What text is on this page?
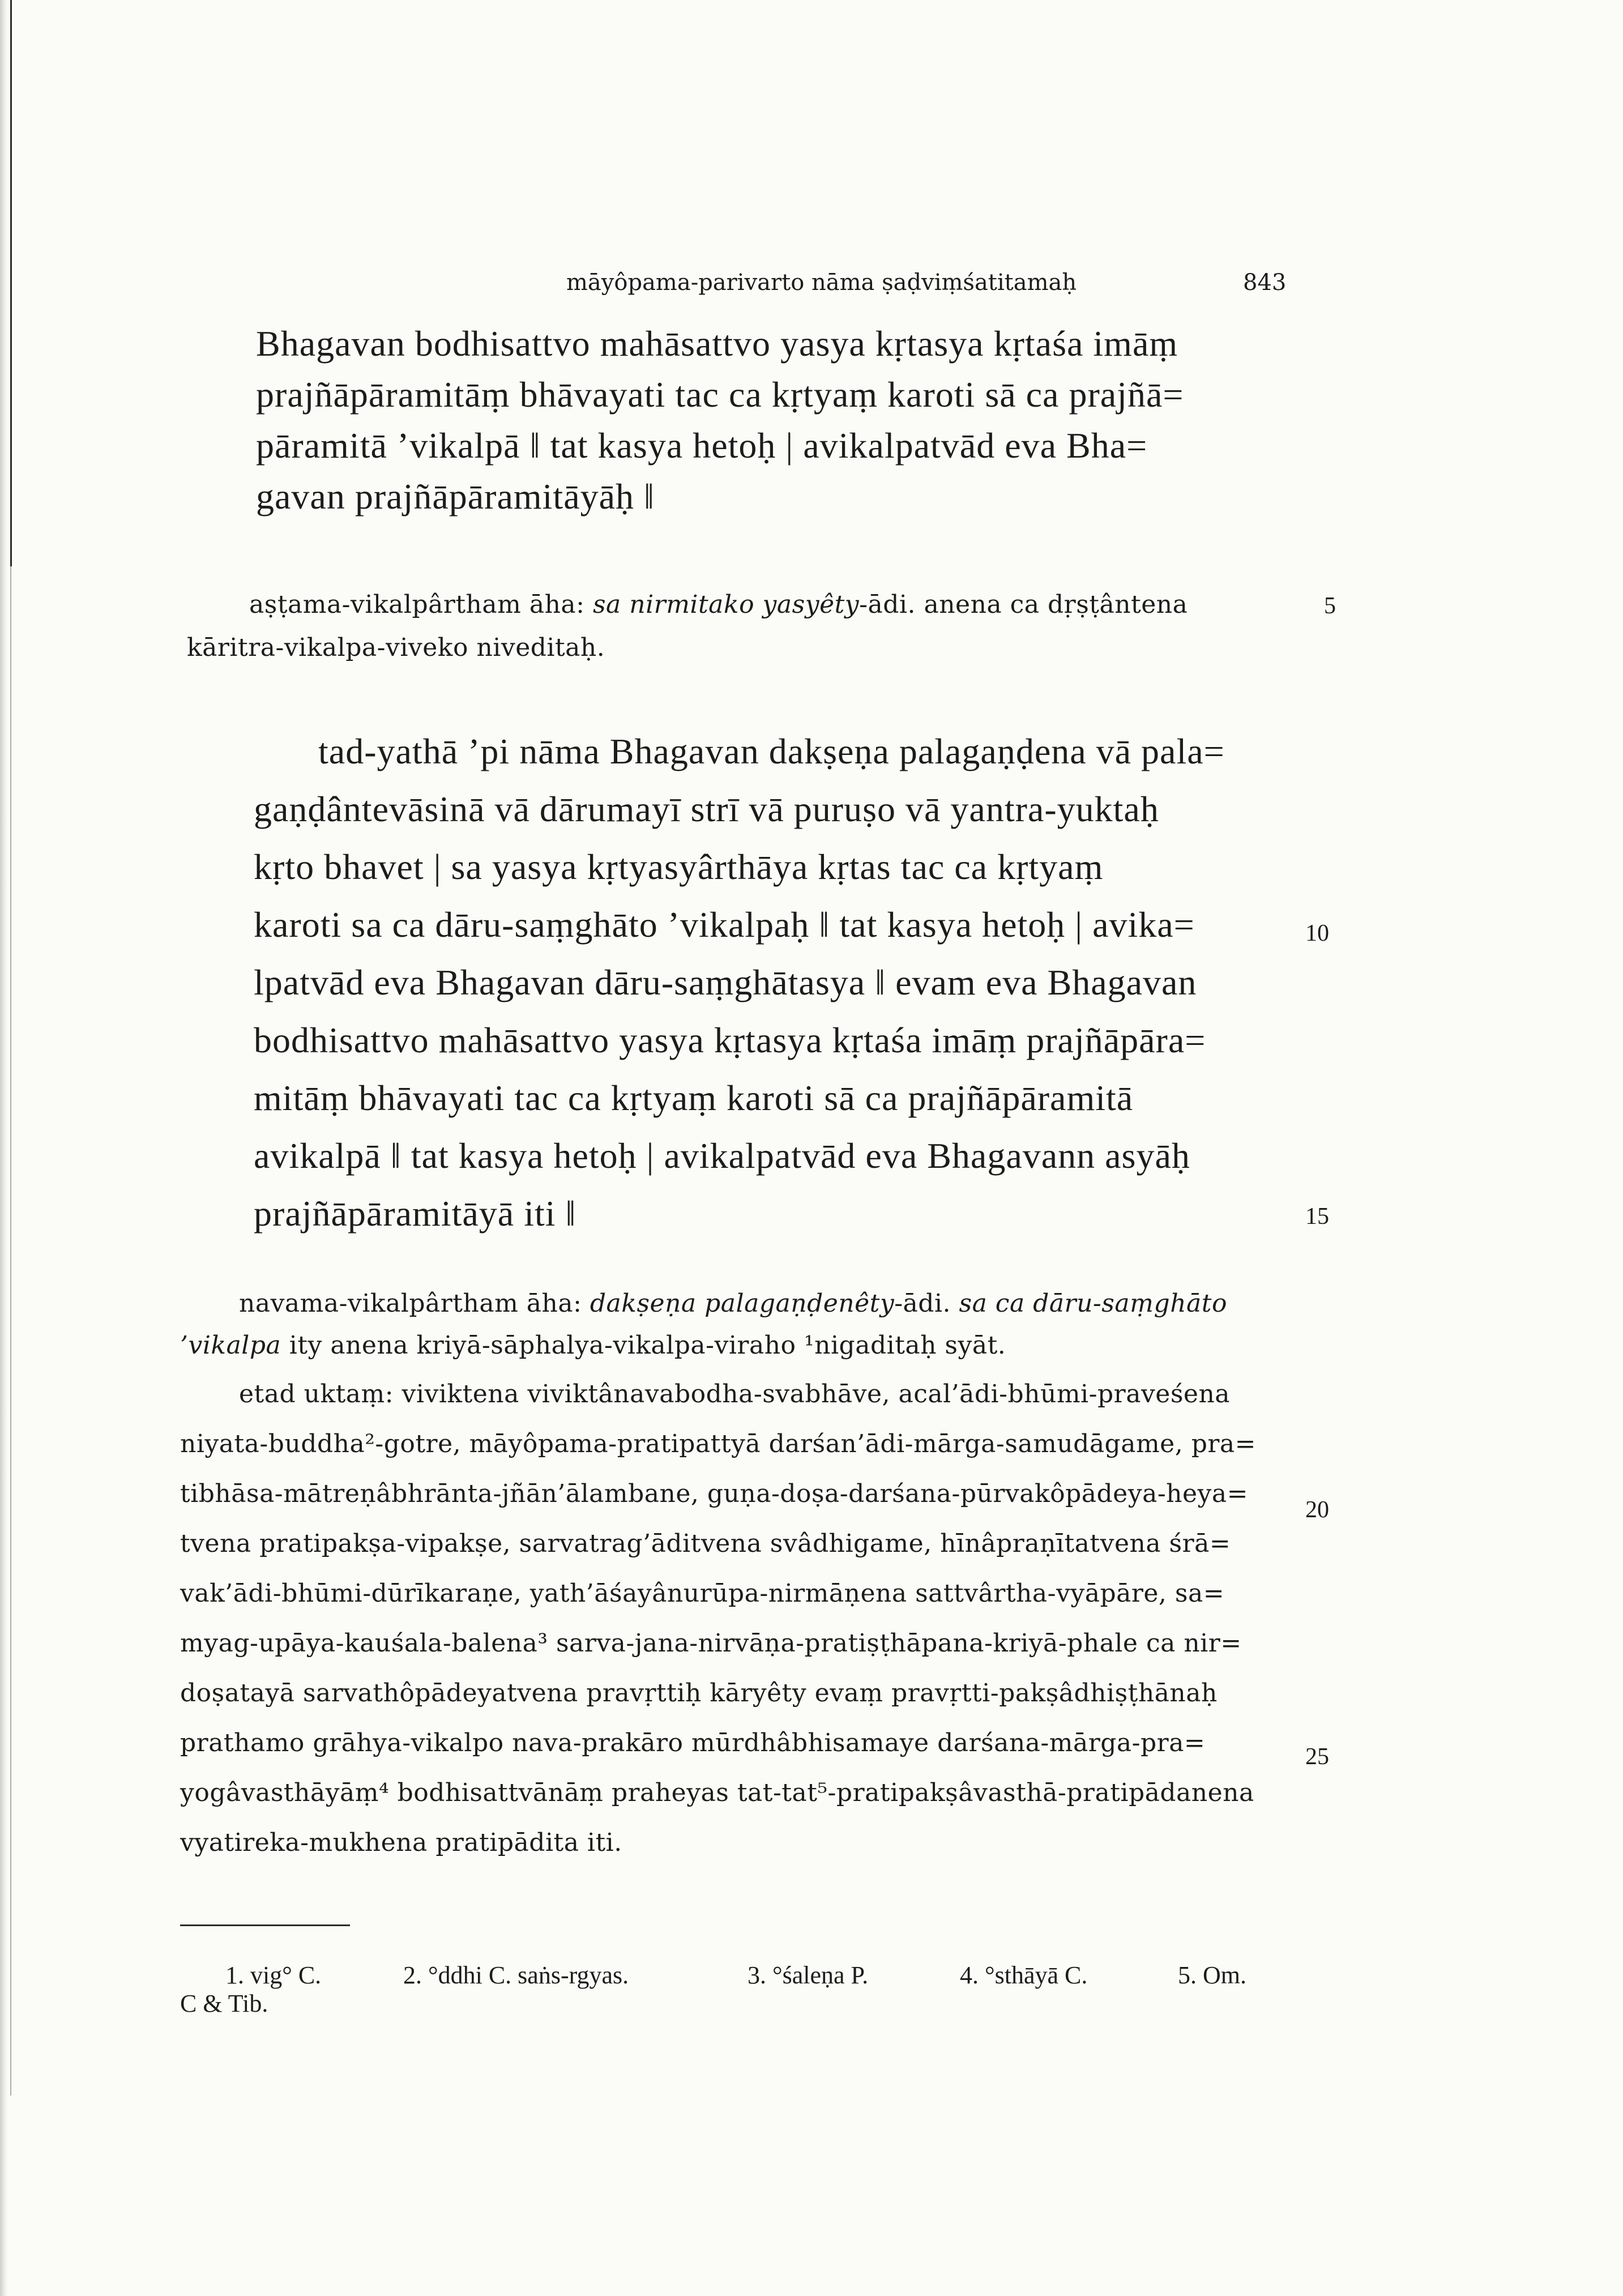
māyôpama-parivarto nāma ṣaḍviṃśatitamaḥ	843

Bhagavan bodhisattvo mahāsattvo yasya kṛtasya kṛtaśa imāṃ

prajñāpāramitāṃ bhāvayati tac ca kṛtyaṃ karoti sā ca prajñā=

pāramitā ’vikalpā ‖ tat kasya hetoḥ | avikalpatvād eva Bha=

gavan prajñāpāramitāyāḥ ‖

aṣṭama-vikalpârtham āha: sa nirmitako yasyêty-ādi. anena ca dṛṣṭântena	5

kāritra-vikalpa-viveko niveditaḥ.

tad-yathā ’pi nāma Bhagavan dakṣeṇa palagaṇḍena vā pala=

gaṇḍântevāsinā vā dārumayī strī vā puruṣo vā yantra-yuktaḥ

kṛto bhavet | sa yasya kṛtyasyârthāya kṛtas tac ca kṛtyaṃ

karoti sa ca dāru-saṃghāto ’vikalpaḥ ‖ tat kasya hetoḥ | avika=	10

lpatvād eva Bhagavan dāru-saṃghātasya ‖ evam eva Bhagavan

bodhisattvo mahāsattvo yasya kṛtasya kṛtaśa imāṃ prajñāpāra=

mitāṃ bhāvayati tac ca kṛtyaṃ karoti sā ca prajñāpāramitā

avikalpā ‖ tat kasya hetoḥ | avikalpatvād eva Bhagavann asyāḥ

prajñāpāramitāyā iti ‖	15

navama-vikalpârtham āha: dakṣeṇa palagaṇḍenêty-ādi. sa ca dāru-saṃghāto

’vikalpa ity anena kriyā-sāphalya-vikalpa-viraho ¹nigaditaḥ syāt.

etad uktaṃ: viviktena viviktânavabodha-svabhāve, acal’ādi-bhūmi-praveśena

niyata-buddha²-gotre, māyôpama-pratipattyā darśan’ādi-mārga-samudāgame, pra=

tibhāsa-mātreṇâbhrānta-jñān’ālambane, guṇa-doṣa-darśana-pūrvakôpādeya-heya=

20

tvena pratipakṣa-vipakṣe, sarvatrag’āditvena svâdhigame, hīnâpraṇītatvena śrā=

vak’ādi-bhūmi-dūrīkaraṇe, yath’āśayânurūpa-nirmāṇena sattvârtha-vyāpāre, sa=

myag-upāya-kauśala-balena³ sarva-jana-nirvāṇa-pratiṣṭhāpana-kriyā-phale ca nir=

doṣatayā sarvathôpādeyatvena pravṛttiḥ kāryêty evaṃ pravṛtti-pakṣâdhiṣṭhānaḥ

prathamo grāhya-vikalpo nava-prakāro mūrdhâbhisamaye darśana-mārga-pra=	25

yogâvasthāyāṃ⁴ bodhisattvānāṃ praheyas tat-tat⁵-pratipakṣâvasthā-pratipādanena

vyatireka-mukhena pratipādita iti.

1. vig° C.	2. °ddhi C. saṅs-rgyas.	3. °śaleṇa P.	4. °sthāyā C.	5. Om.
C & Tib.
